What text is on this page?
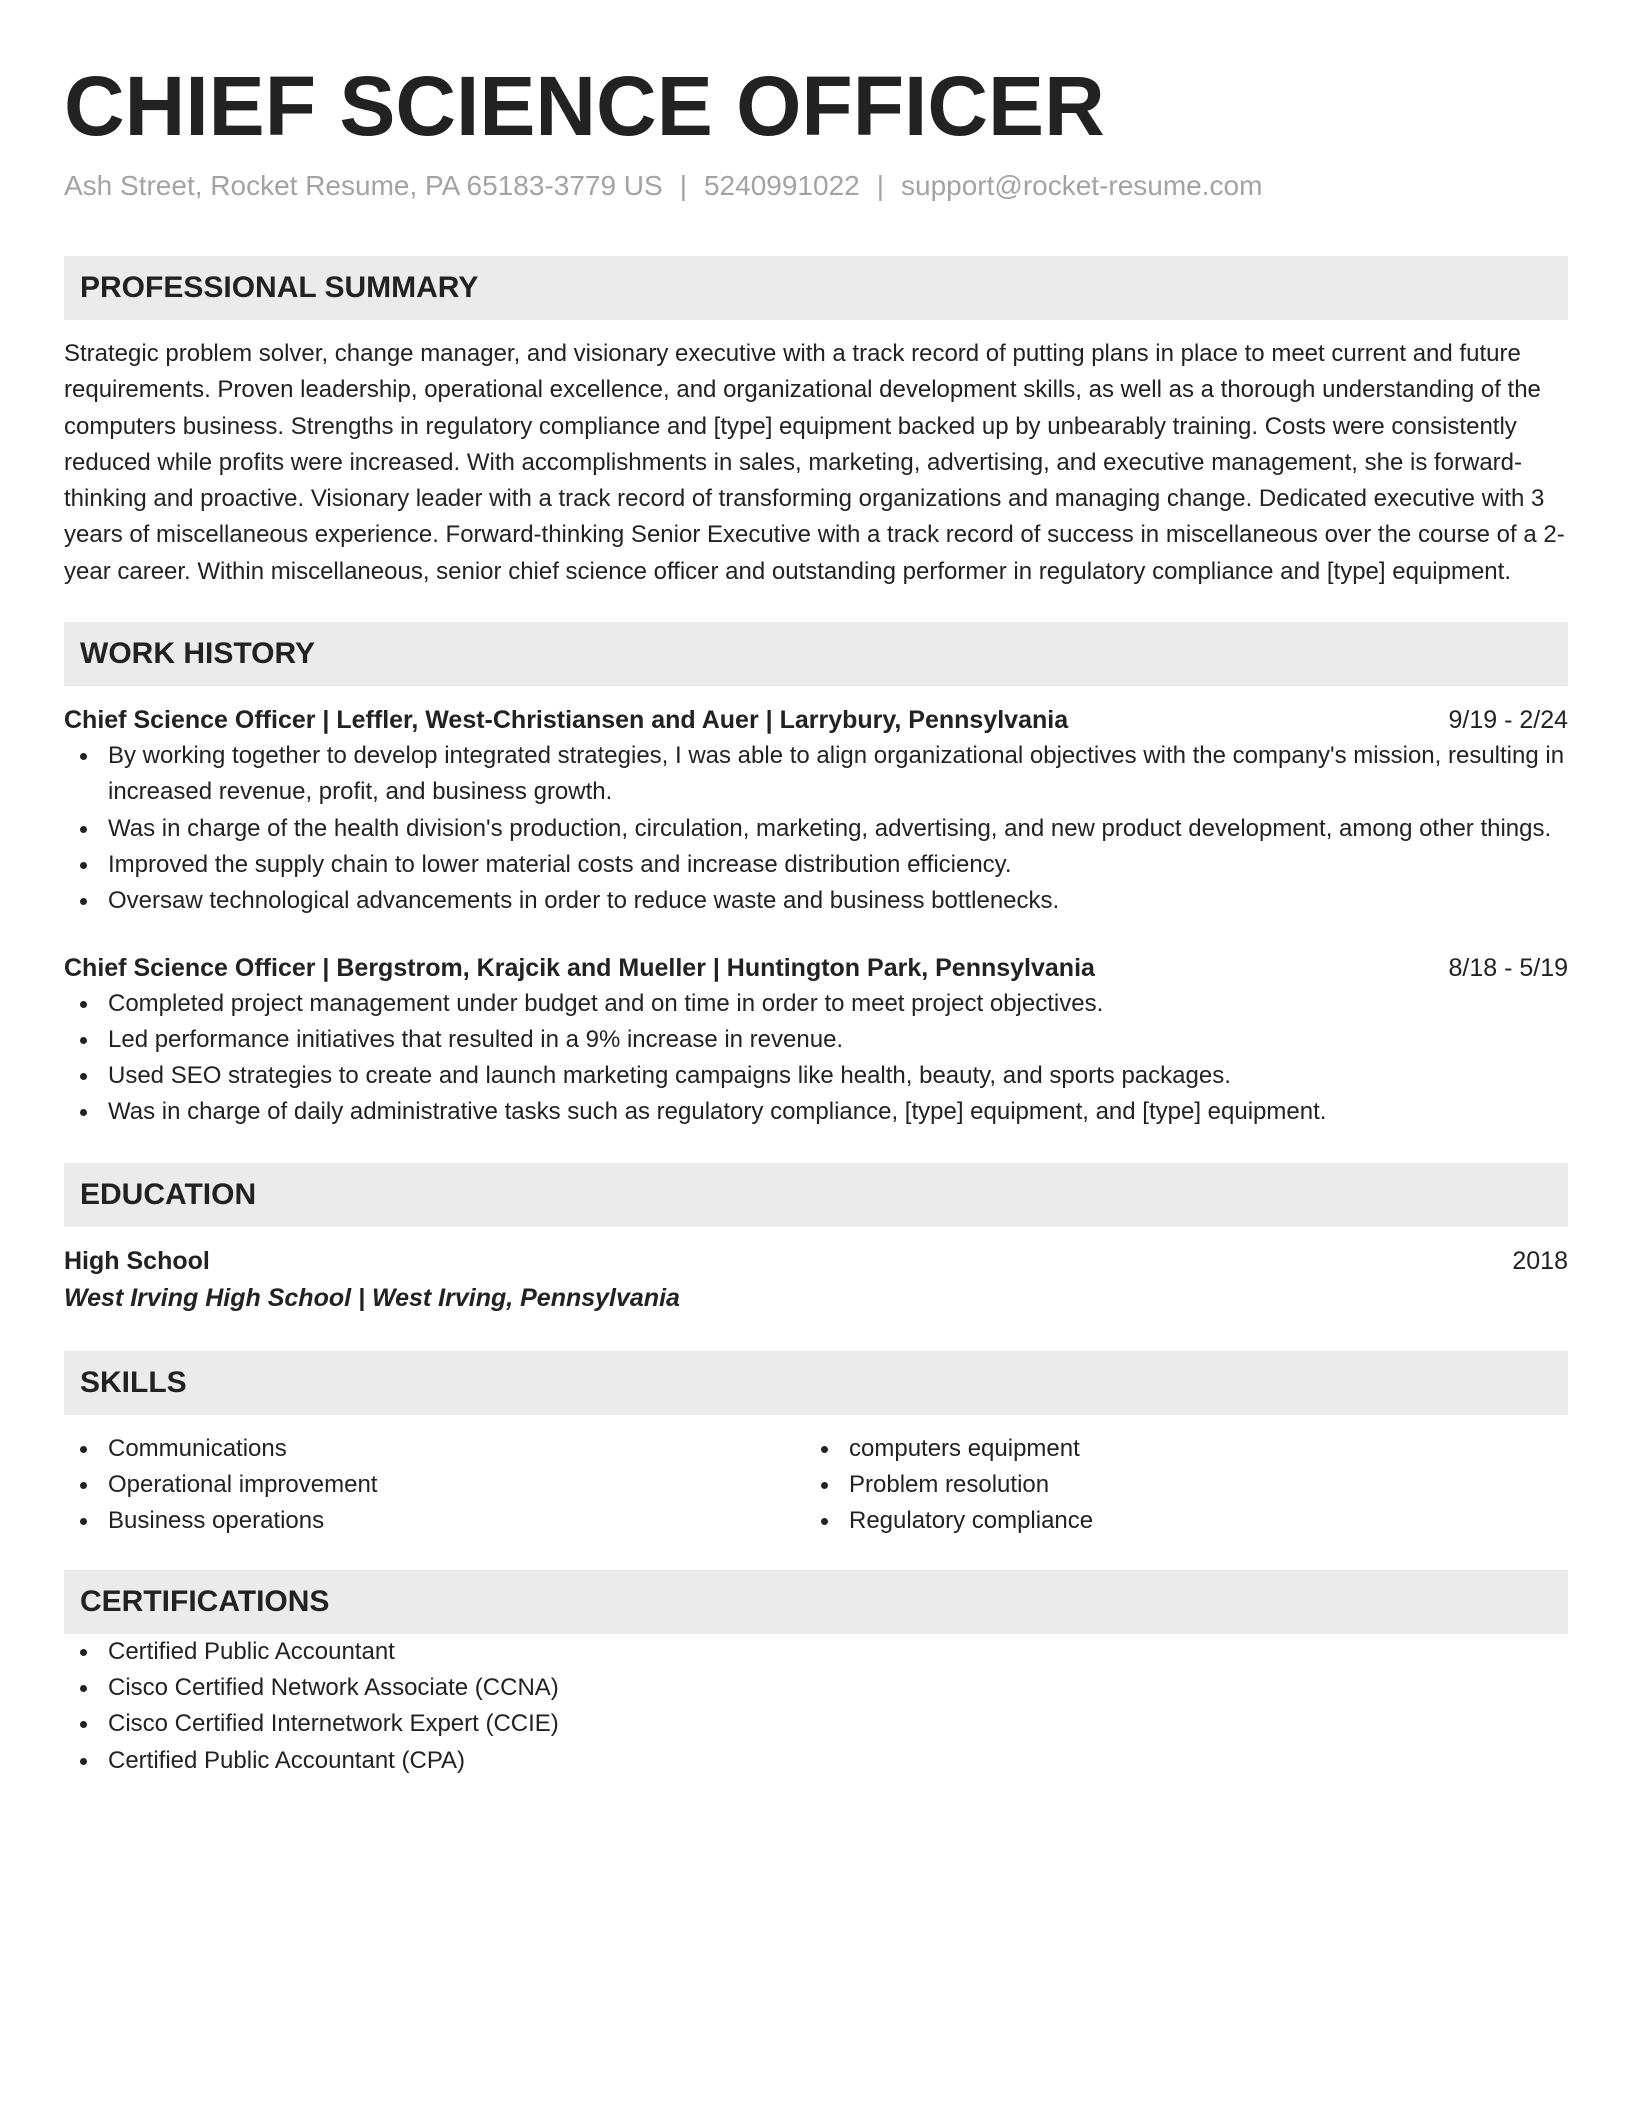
CHIEF SCIENCE OFFICER
Ash Street, Rocket Resume, PA 65183-3779 US | 5240991022 | support@rocket-resume.com
PROFESSIONAL SUMMARY

Strategic problem solver, change manager, and visionary executive with a track record of putting plans in place to meet current and future requirements. Proven leadership, operational excellence, and organizational development skills, as well as a thorough understanding of the computers business. Strengths in regulatory compliance and [type] equipment backed up by unbearably training. Costs were consistently reduced while profits were increased. With accomplishments in sales, marketing, advertising, and executive management, she is forward-thinking and proactive. Visionary leader with a track record of transforming organizations and managing change. Dedicated executive with 3 years of miscellaneous experience. Forward-thinking Senior Executive with a track record of success in miscellaneous over the course of a 2-year career. Within miscellaneous, senior chief science officer and outstanding performer in regulatory compliance and [type] equipment.

WORK HISTORY
Chief Science Officer | Leffler, West-Christiansen and Auer | Larrybury, Pennsylvania	9/19 - 2/24
By working together to develop integrated strategies, I was able to align organizational objectives with the company's mission, resulting in increased revenue, profit, and business growth.
Was in charge of the health division's production, circulation, marketing, advertising, and new product development, among other things.
Improved the supply chain to lower material costs and increase distribution efficiency.
Oversaw technological advancements in order to reduce waste and business bottlenecks.
Chief Science Officer | Bergstrom, Krajcik and Mueller | Huntington Park, Pennsylvania	8/18 - 5/19
Completed project management under budget and on time in order to meet project objectives.
Led performance initiatives that resulted in a 9% increase in revenue.
Used SEO strategies to create and launch marketing campaigns like health, beauty, and sports packages.
Was in charge of daily administrative tasks such as regulatory compliance, [type] equipment, and [type] equipment.
EDUCATION
High School	2018
West Irving High School | West Irving, Pennsylvania
SKILLS
Communications
Operational improvement
Business operations
computers equipment
Problem resolution
Regulatory compliance
CERTIFICATIONS
Certified Public Accountant
Cisco Certified Network Associate (CCNA)
Cisco Certified Internetwork Expert (CCIE)
Certified Public Accountant (CPA)
